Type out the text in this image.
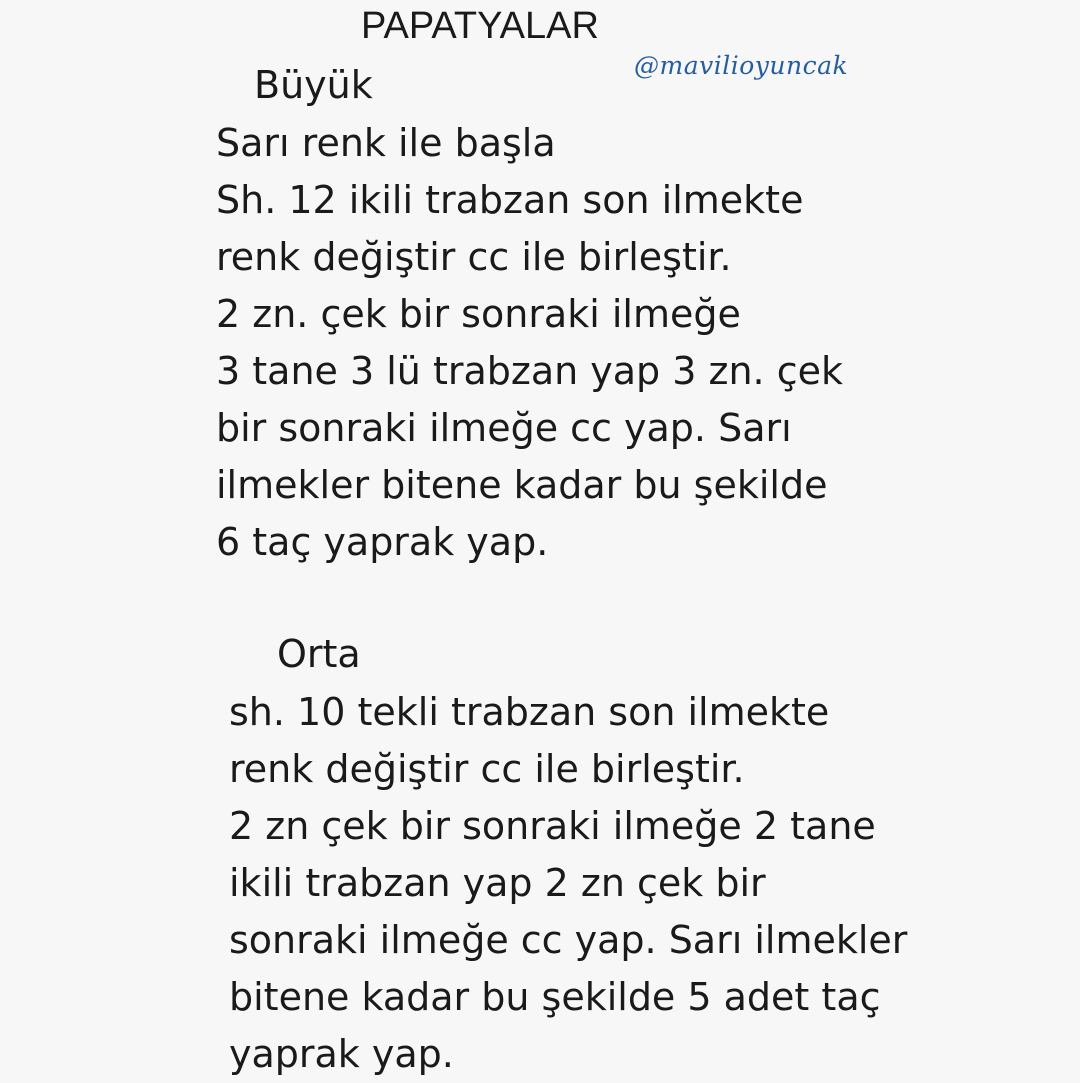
PAPATYALAR
@mavilioyuncak
Büyük
Sarı renk ile başla
Sh. 12 ikili trabzan son ilmekte
renk değiştir cc ile birleştir.
2 zn. çek bir sonraki ilmeğe
3 tane 3 lü trabzan yap 3 zn. çek
bir sonraki ilmeğe cc yap. Sarı
ilmekler bitene kadar bu şekilde
6 taç yaprak yap.
Orta
sh. 10 tekli trabzan son ilmekte
renk değiştir cc ile birleştir.
2 zn çek bir sonraki ilmeğe 2 tane
ikili trabzan yap 2 zn çek bir
sonraki ilmeğe cc yap. Sarı ilmekler
bitene kadar bu şekilde 5 adet taç
yaprak yap.
